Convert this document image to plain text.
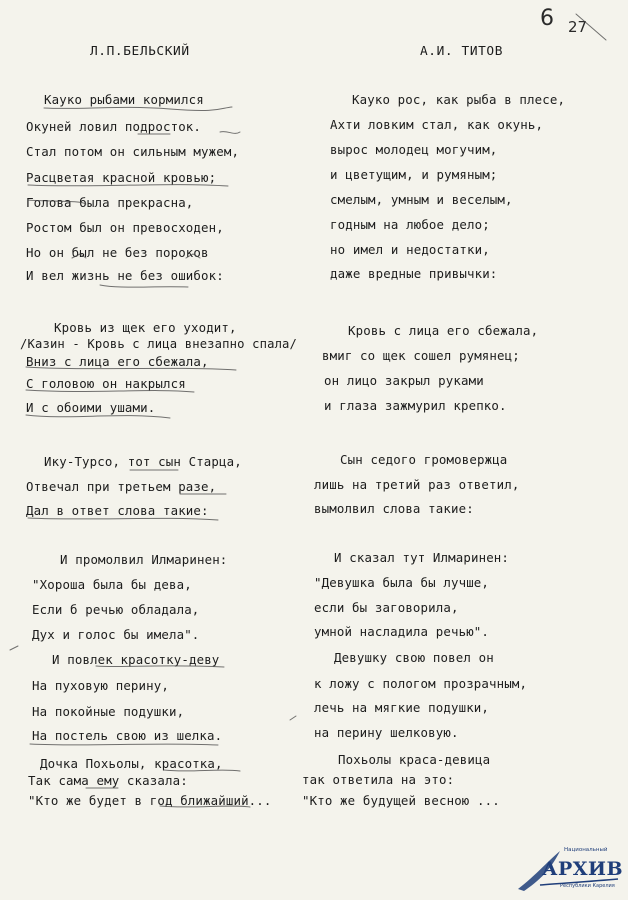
6 27
Л.П.БЕЛЬСКИЙ
Кауко рыбами кормился
Окуней ловил подросток.
Стал потом он сильным мужем,
Расцветая красной кровью;
Голова была прекрасна,
Ростом был он превосходен,
Но он был не без пороков
И вел жизнь не без ошибок:
Кровь из щек его уходит,
/Казин - Кровь с лица внезапно спала/
Вниз с лица его сбежала,
С головою он накрылся
И с обоими ушами.
Ику-Турсо, тот сын Старца,
Отвечал при третьем разе,
Дал в ответ слова такие:
И промолвил Илмаринен:
"Хороша была бы дева,
Если б речью обладала,
Дух и голос бы имела".
И повлек красотку-деву
На пуховую перину,
На покойные подушки,
На постель свою из шелка.
Дочка Похьолы, красотка,
Так сама ему сказала:
"Кто же будет в год ближайший...
А.И. ТИТОВ
Кауко рос, как рыба в плесе,
Ахти ловким стал, как окунь,
вырос молодец могучим,
и цветущим, и румяным;
смелым, умным и веселым,
годным на любое дело;
но имел и недостатки,
даже вредные привычки:
Кровь с лица его сбежала,
вмиг со щек сошел румянец;
он лицо закрыл руками
и глаза зажмурил крепко.
Сын седого громовержца
лишь на третий раз ответил,
вымолвил слова такие:
И сказал тут Илмаринен:
"Девушка была бы лучше,
если бы заговорила,
умной насладила речью".
Девушку свою повел он
к ложу с пологом прозрачным,
лечь на мягкие подушки,
на перину шелковую.
Похьолы краса-девица
так ответила на это:
"Кто же будущей весною ...
Национальный
АРХИВ
Республики Карелия
